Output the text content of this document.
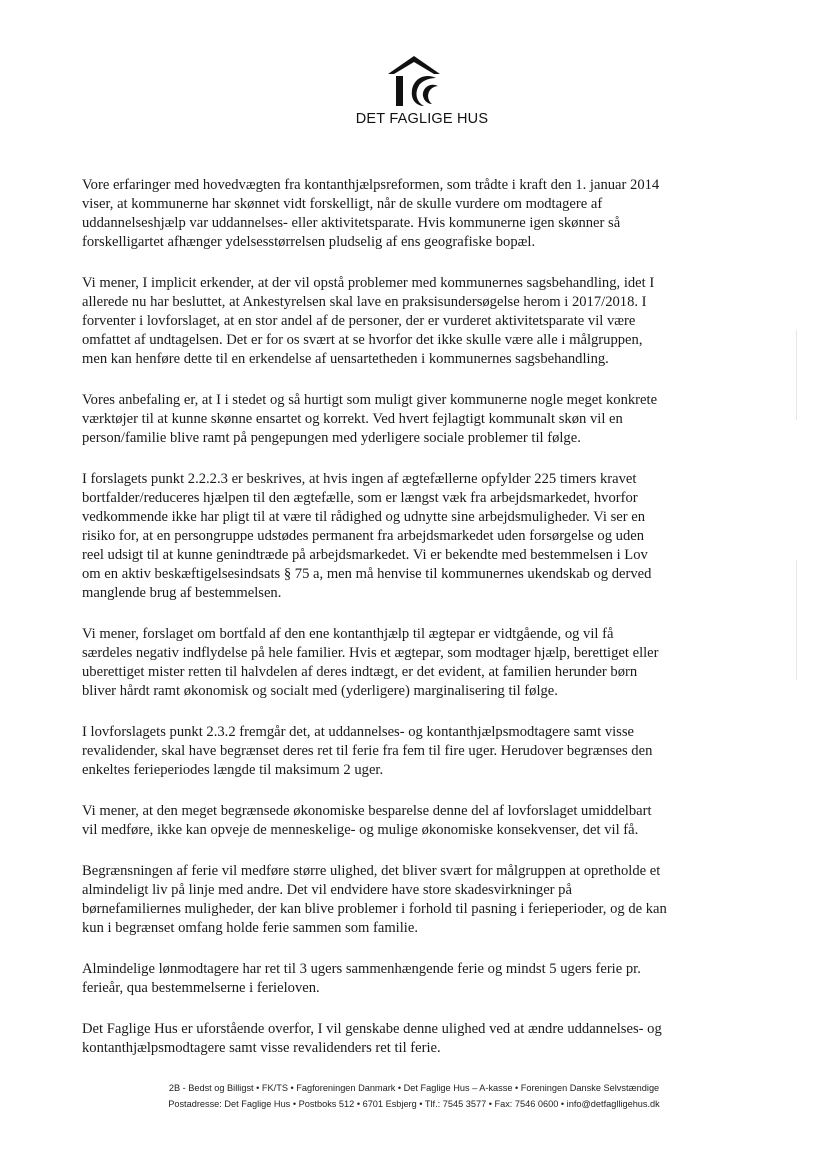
DET FAGLIGE HUS

Vore erfaringer med hovedvægten fra kontanthjælpsreformen, som trådte i kraft den 1. januar 2014
viser, at kommunerne har skønnet vidt forskelligt, når de skulle vurdere om modtagere af
uddannelseshjælp var uddannelses- eller aktivitetsparate. Hvis kommunerne igen skønner så
forskelligartet afhænger ydelsesstørrelsen pludselig af ens geografiske bopæl.

Vi mener, I implicit erkender, at der vil opstå problemer med kommunernes sagsbehandling, idet I
allerede nu har besluttet, at Ankestyrelsen skal lave en praksisundersøgelse herom i 2017/2018. I
forventer i lovforslaget, at en stor andel af de personer, der er vurderet aktivitetsparate vil være
omfattet af undtagelsen. Det er for os svært at se hvorfor det ikke skulle være alle i målgruppen,
men kan henføre dette til en erkendelse af uensartetheden i kommunernes sagsbehandling.

Vores anbefaling er, at I i stedet og så hurtigt som muligt giver kommunerne nogle meget konkrete
værktøjer til at kunne skønne ensartet og korrekt. Ved hvert fejlagtigt kommunalt skøn vil en
person/familie blive ramt på pengepungen med yderligere sociale problemer til følge.

I forslagets punkt 2.2.2.3 er beskrives, at hvis ingen af ægtefællerne opfylder 225 timers kravet
bortfalder/reduceres hjælpen til den ægtefælle, som er længst væk fra arbejdsmarkedet, hvorfor
vedkommende ikke har pligt til at være til rådighed og udnytte sine arbejdsmuligheder. Vi ser en
risiko for, at en persongruppe udstødes permanent fra arbejdsmarkedet uden forsørgelse og uden
reel udsigt til at kunne genindtræde på arbejdsmarkedet. Vi er bekendte med bestemmelsen i Lov
om en aktiv beskæftigelsesindsats § 75 a, men må henvise til kommunernes ukendskab og derved
manglende brug af bestemmelsen.

Vi mener, forslaget om bortfald af den ene kontanthjælp til ægtepar er vidtgående, og vil få
særdeles negativ indflydelse på hele familier. Hvis et ægtepar, som modtager hjælp, berettiget eller
uberettiget mister retten til halvdelen af deres indtægt, er det evident, at familien herunder børn
bliver hårdt ramt økonomisk og socialt med (yderligere) marginalisering til følge.

I lovforslagets punkt 2.3.2 fremgår det, at uddannelses- og kontanthjælpsmodtagere samt visse
revalidender, skal have begrænset deres ret til ferie fra fem til fire uger. Herudover begrænses den
enkeltes ferieperiodes længde til maksimum 2 uger.

Vi mener, at den meget begrænsede økonomiske besparelse denne del af lovforslaget umiddelbart
vil medføre, ikke kan opveje de menneskelige- og mulige økonomiske konsekvenser, det vil få.

Begrænsningen af ferie vil medføre større ulighed, det bliver svært for målgruppen at opretholde et
almindeligt liv på linje med andre. Det vil endvidere have store skadesvirkninger på
børnefamiliernes muligheder, der kan blive problemer i forhold til pasning i ferieperioder, og de kan
kun i begrænset omfang holde ferie sammen som familie.

Almindelige lønmodtagere har ret til 3 ugers sammenhængende ferie og mindst 5 ugers ferie pr.
ferieår, qua bestemmelserne i ferieloven.

Det Faglige Hus er uforstående overfor, I vil genskabe denne ulighed ved at ændre uddannelses- og
kontanthjælpsmodtagere samt visse revalidenders ret til ferie.

2B - Bedst og Billigst • FK/TS • Fagforeningen Danmark • Det Faglige Hus – A-kasse • Foreningen Danske Selvstændige
Postadresse: Det Faglige Hus • Postboks 512 • 6701 Esbjerg • Tlf.: 7545 3577 • Fax: 7546 0600 • info@detfaglligehus.dk
